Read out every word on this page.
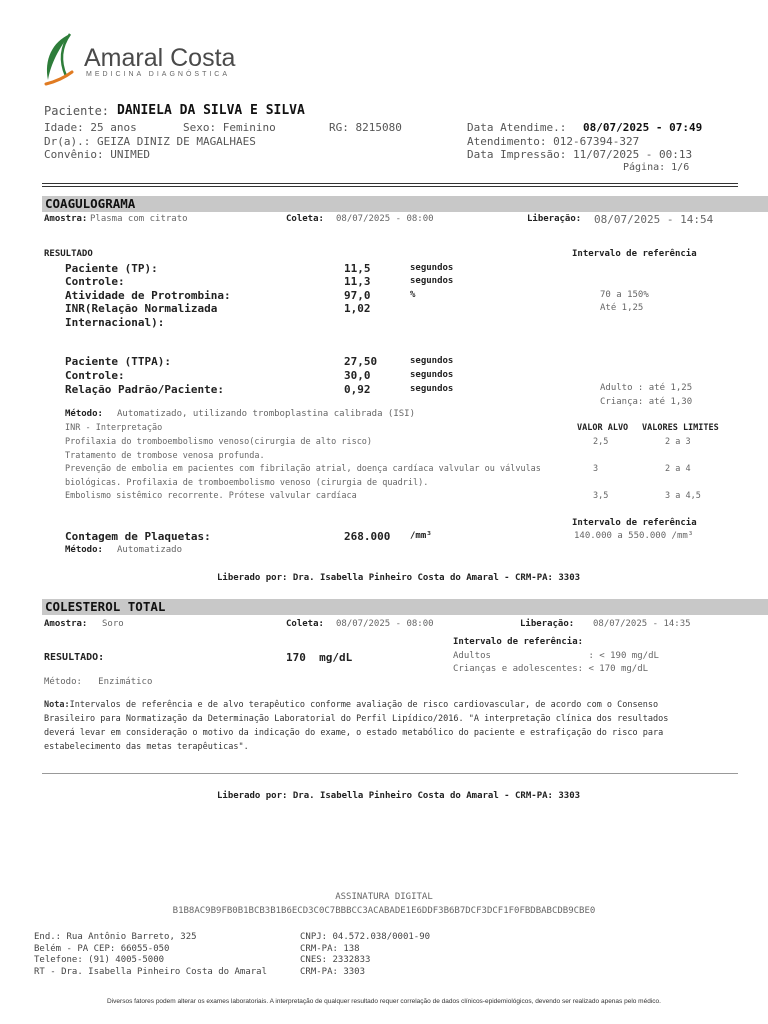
Amaral Costa
MEDICINA DIAGNÓSTICA
Paciente: DANIELA DA SILVA E SILVA
Idade: 25 anos	Sexo: Feminino	RG: 8215080	Data Atendime.: 08/07/2025 - 07:49
Dr(a).: GEIZA DINIZ DE MAGALHAES	Atendimento: 012-67394-327
Convênio: UNIMED	Data Impressão: 11/07/2025 - 00:13
Página: 1/6
COAGULOGRAMA
Amostra: Plasma com citrato	Coleta: 08/07/2025 - 08:00	Liberação: 08/07/2025 - 14:54
RESULTADO	Intervalo de referência
Paciente (TP):	11,5	segundos
Controle:	11,3	segundos
Atividade de Protrombina:	97,0	%	70 a 150%
INR(Relação Normalizada	1,02	Até 1,25
Internacional):
Paciente (TTPA):	27,50	segundos
Controle:	30,0	segundos
Relação Padrão/Paciente:	0,92	segundos	Adulto : até 1,25
Criança: até 1,30
Método: Automatizado, utilizando tromboplastina calibrada (ISI)
INR - Interpretação	VALOR ALVO VALORES LIMITES
Profilaxia do tromboembolismo venoso(cirurgia de alto risco)	2,5	2 a 3
Tratamento de trombose venosa profunda.
Prevenção de embolia em pacientes com fibrilação atrial, doença cardíaca valvular ou válvulas	3	2 a 4
biológicas. Profilaxia de tromboembolismo venoso (cirurgia de quadril).
Embolismo sistêmico recorrente. Prótese valvular cardíaca	3,5	3 a 4,5
Intervalo de referência
Contagem de Plaquetas:	268.000 /mm³	140.000 a 550.000 /mm³
Método: Automatizado
Liberado por: Dra. Isabella Pinheiro Costa do Amaral - CRM-PA: 3303
COLESTEROL TOTAL
Amostra: Soro	Coleta: 08/07/2025 - 08:00	Liberação: 08/07/2025 - 14:35
Intervalo de referência:
RESULTADO:	170  mg/dL	Adultos                  : < 190 mg/dL
Crianças e adolescentes: < 170 mg/dL
Método:   Enzimático
Nota:Intervalos de referência e de alvo terapêutico conforme avaliação de risco cardiovascular, de acordo com o Consenso
Brasileiro para Normatização da Determinação Laboratorial do Perfil Lipídico/2016. "A interpretação clínica dos resultados
deverá levar em consideração o motivo da indicação do exame, o estado metabólico do paciente e estrafiçação do risco para
estabelecimento das metas terapêuticas".
Liberado por: Dra. Isabella Pinheiro Costa do Amaral - CRM-PA: 3303
ASSINATURA DIGITAL
B1B8AC9B9FB0B1BCB3B1B6ECD3C0C7BBBCC3ACABADE1E6DDF3B6B7DCF3DCF1F0FBDBABCDB9CBE0
End.: Rua Antônio Barreto, 325
Belém - PA CEP: 66055-050
Telefone: (91) 4005-5000
RT - Dra. Isabella Pinheiro Costa do Amaral
CNPJ: 04.572.038/0001-90
CRM-PA: 138
CNES: 2332833
CRM-PA: 3303
Diversos fatores podem alterar os exames laboratoriais. A interpretação de qualquer resultado requer correlação de dados clínicos-epidemiológicos, devendo ser realizado apenas pelo médico.
